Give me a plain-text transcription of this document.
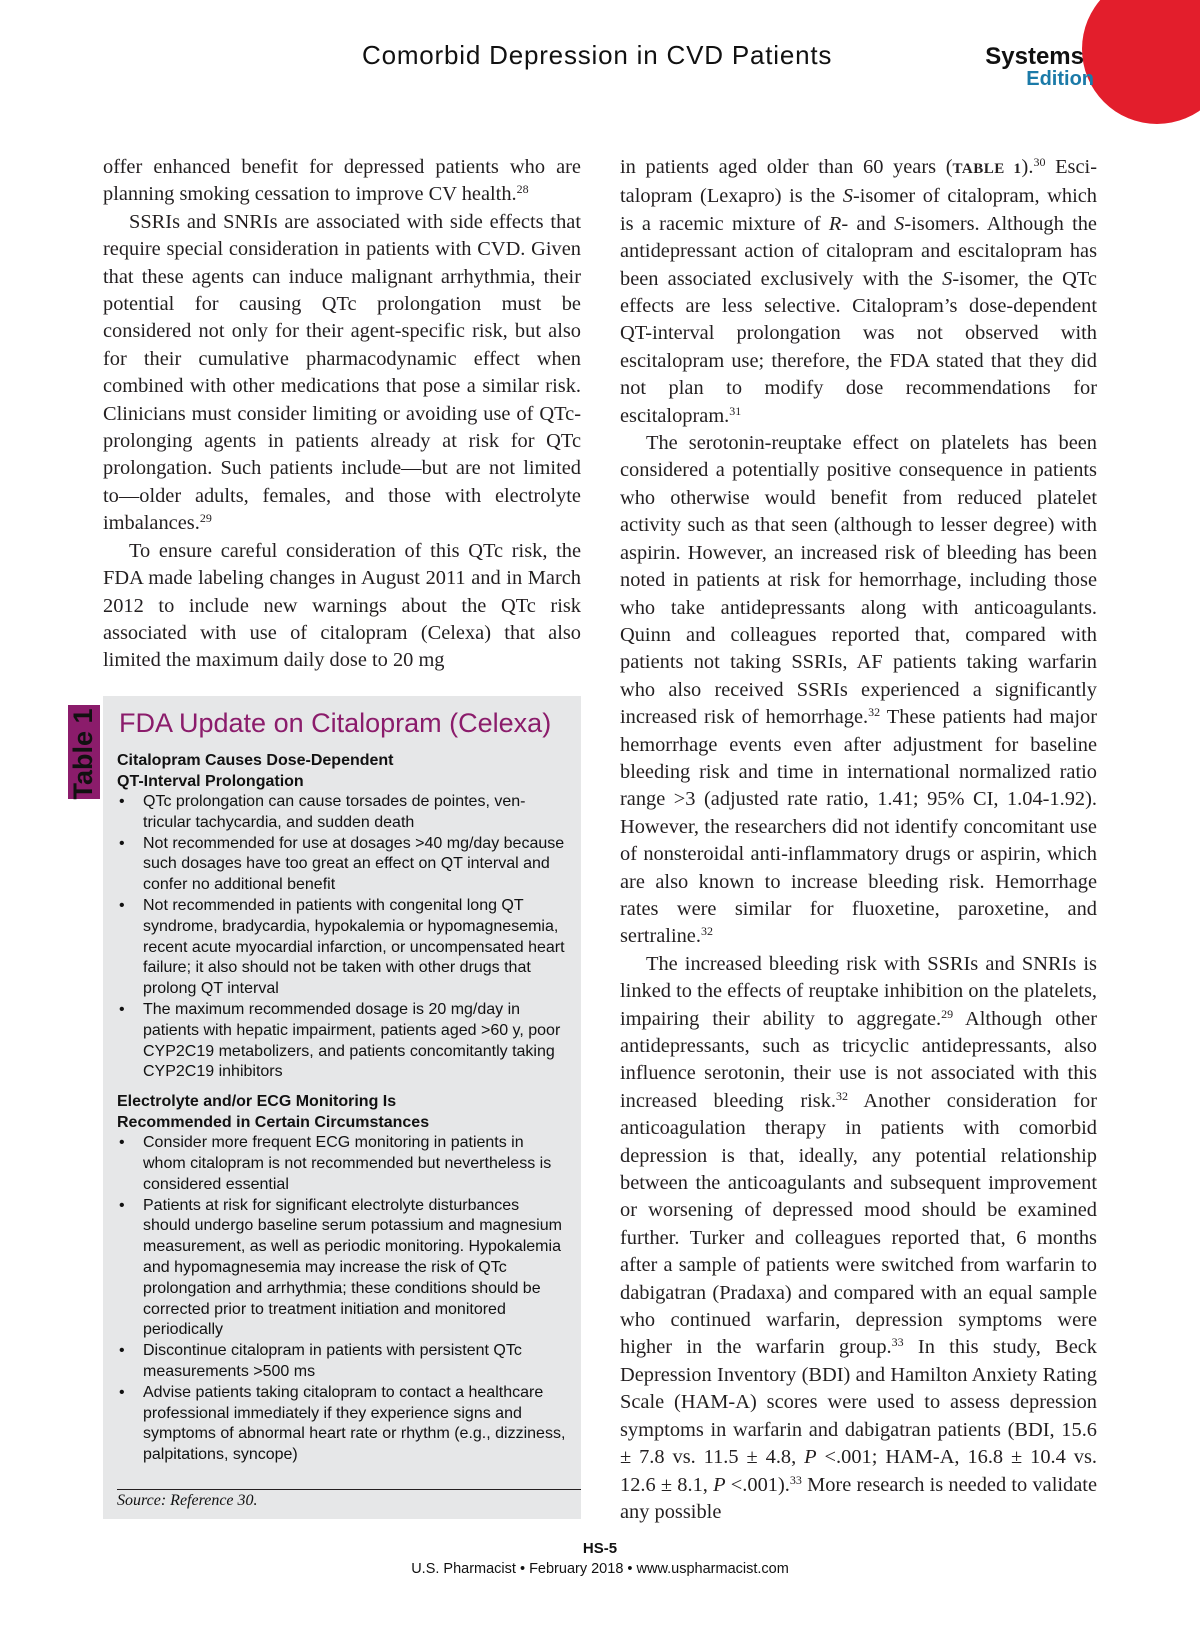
Comorbid Depression in CVD Patients	Systems
Edition

offer enhanced benefit for depressed patients who are planning smoking cessation to improve CV health.$^{28}$

SSRIs and SNRIs are associated with side effects that require special consideration in patients with CVD. Given that these agents can induce malignant arrhythmia, their potential for causing QTc prolongation must be considered not only for their agent-specific risk, but also for their cumulative pharmacodynamic effect when combined with other medications that pose a similar risk. Clinicians must consider limiting or avoiding use of QTc-prolonging agents in patients already at risk for QTc prolongation. Such patients include—but are not limited to—older adults, females, and those with electrolyte imbalances.$^{29}$

To ensure careful consideration of this QTc risk, the FDA made labeling changes in August 2011 and in March 2012 to include new warnings about the QTc risk associated with use of citalopram (Celexa) that also limited the maximum daily dose to 20 mg

Table 1 FDA Update on Citalopram (Celexa)
Citalopram Causes Dose-Dependent
QT-Interval Prolongation
• QTc prolongation can cause torsades de pointes, ventricular tachycardia, and sudden death
• Not recommended for use at dosages >40 mg/day because such dosages have too great an effect on QT interval and confer no additional benefit
• Not recommended in patients with congenital long QT syndrome, bradycardia, hypokalemia or hypomagnesemia, recent acute myocardial infarction, or uncompensated heart failure; it also should not be taken with other drugs that prolong QT interval
• The maximum recommended dosage is 20 mg/day in patients with hepatic impairment, patients aged >60 y, poor CYP2C19 metabolizers, and patients concomitantly taking CYP2C19 inhibitors
Electrolyte and/or ECG Monitoring Is
Recommended in Certain Circumstances
• Consider more frequent ECG monitoring in patients in whom citalopram is not recommended but nevertheless is considered essential
• Patients at risk for significant electrolyte disturbances should undergo baseline serum potassium and magnesium measurement, as well as periodic monitoring. Hypokalemia and hypomagnesemia may increase the risk of QTc prolongation and arrhythmia; these conditions should be corrected prior to treatment initiation and monitored periodically
• Discontinue citalopram in patients with persistent QTc measurements >500 ms
• Advise patients taking citalopram to contact a healthcare professional immediately if they experience signs and symptoms of abnormal heart rate or rhythm (e.g., dizziness, palpitations, syncope)
Source: Reference 30.

in patients aged older than 60 years (TABLE 1).$^{30}$ Escitalopram (Lexapro) is the S-isomer of citalopram, which is a racemic mixture of R- and S-isomers. Although the antidepressant action of citalopram and escitalopram has been associated exclusively with the S-isomer, the QTc effects are less selective. Citalopram’s dose-dependent QT-interval prolongation was not observed with escitalopram use; therefore, the FDA stated that they did not plan to modify dose recommendations for escitalopram.$^{31}$

The serotonin-reuptake effect on platelets has been considered a potentially positive consequence in patients who otherwise would benefit from reduced platelet activity such as that seen (although to lesser degree) with aspirin. However, an increased risk of bleeding has been noted in patients at risk for hemorrhage, including those who take antidepressants along with anticoagulants. Quinn and colleagues reported that, compared with patients not taking SSRIs, AF patients taking warfarin who also received SSRIs experienced a significantly increased risk of hemorrhage.$^{32}$ These patients had major hemorrhage events even after adjustment for baseline bleeding risk and time in international normalized ratio range >3 (adjusted rate ratio, 1.41; 95% CI, 1.04-1.92). However, the researchers did not identify concomitant use of nonsteroidal anti-inflammatory drugs or aspirin, which are also known to increase bleeding risk. Hemorrhage rates were similar for fluoxetine, paroxetine, and sertraline.$^{32}$

The increased bleeding risk with SSRIs and SNRIs is linked to the effects of reuptake inhibition on the platelets, impairing their ability to aggregate.$^{29}$ Although other antidepressants, such as tricyclic antidepressants, also influence serotonin, their use is not associated with this increased bleeding risk.$^{32}$ Another consideration for anticoagulation therapy in patients with comorbid depression is that, ideally, any potential relationship between the anticoagulants and subsequent improvement or worsening of depressed mood should be examined further. Turker and colleagues reported that, 6 months after a sample of patients were switched from warfarin to dabigatran (Pradaxa) and compared with an equal sample who continued warfarin, depression symptoms were higher in the warfarin group.$^{33}$ In this study, Beck Depression Inventory (BDI) and Hamilton Anxiety Rating Scale (HAM-A) scores were used to assess depression symptoms in warfarin and dabigatran patients (BDI, 15.6 ± 7.8 vs. 11.5 ± 4.8, P <.001; HAM-A, 16.8 ± 10.4 vs. 12.6 ± 8.1, P <.001).$^{33}$ More research is needed to validate any possible

HS-5
U.S. Pharmacist • February 2018 • www.uspharmacist.com
